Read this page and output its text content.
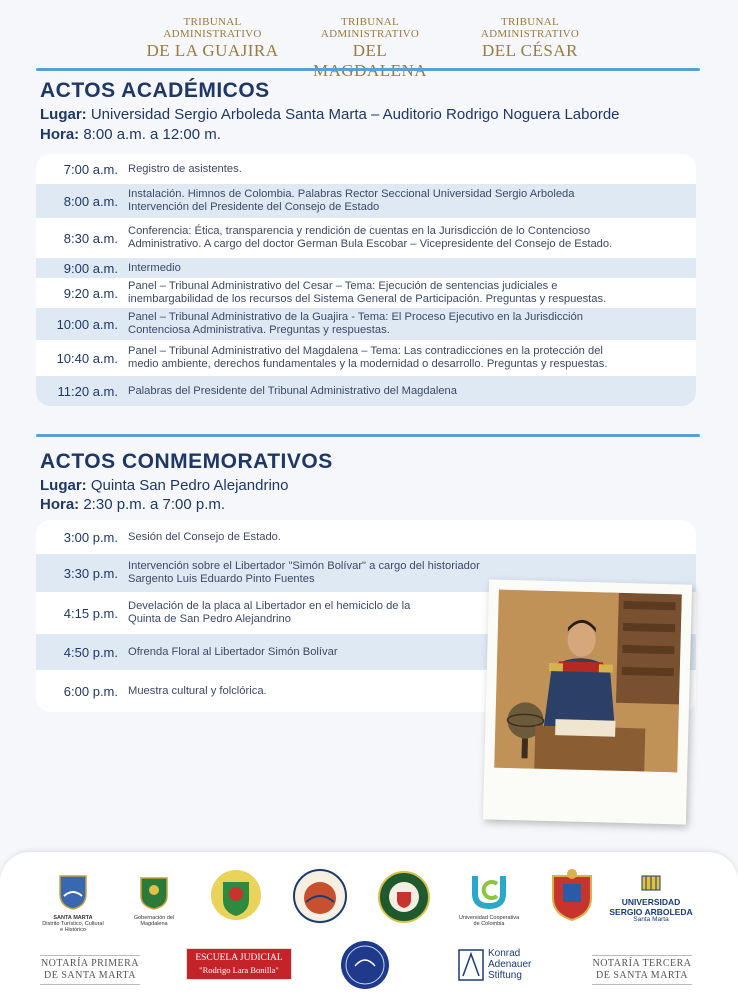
TRIBUNAL ADMINISTRATIVO
DE LA GUAJIRA
TRIBUNAL ADMINISTRATIVO
DEL
TRIBUNAL ADMINISTRATIVO
DEL CÉSAR
ACTOS ACADÉMICOS
Lugar: Universidad Sergio Arboleda Santa Marta – Auditorio Rodrigo Noguera Laborde
Hora: 8:00 a.m. a 12:00 m.
7:00 a.m. Registro de asistentes.
8:00 a.m. Instalación. Himnos de Colombia. Palabras Rector Seccional Universidad Sergio Arboleda
Intervención del Presidente del Consejo de Estado
8:30 a.m. Conferencia: Ética, transparencia y rendición de cuentas en la Jurisdicción de lo Contencioso
Administrativo. A cargo del doctor German Bula Escobar – Vicepresidente del Consejo de Estado.
9:00 a.m. Intermedio
9:20 a.m. Panel – Tribunal Administrativo del Cesar – Tema: Ejecución de sentencias judiciales e
inembargabilidad de los recursos del Sistema General de Participación. Preguntas y respuestas.
10:00 a.m. Panel – Tribunal Administrativo de la Guajira - Tema: El Proceso Ejecutivo en la Jurisdicción
Contenciosa Administrativa. Preguntas y respuestas.
10:40 a.m. Panel – Tribunal Administrativo del Magdalena – Tema: Las contradicciones en la protección del
medio ambiente, derechos fundamentales y la modernidad o desarrollo. Preguntas y respuestas.
11:20 a.m. Palabras del Presidente del Tribunal Administrativo del Magdalena
ACTOS CONMEMORATIVOS
Lugar: Quinta San Pedro Alejandrino
Hora: 2:30 p.m. a 7:00 p.m.
3:00 p.m. Sesión del Consejo de Estado.
3:30 p.m. Intervención sobre el Libertador "Simón Bolívar" a cargo del historiador
Sargento Luis Eduardo Pinto Fuentes
4:15 p.m. Develación de la placa al Libertador en el hemiciclo de la
Quinta de San Pedro Alejandrino
4:50 p.m. Ofrenda Floral al Libertador Simón Bolívar
6:00 p.m. Muestra cultural y folclórica.
SANTA MARTA
Distrito Turístico, Cultural e Histórico
Gobernación del Magdalena
Universidad Cooperativa de Colombia
UNIVERSIDAD
SERGIO ARBOLEDA
Santa Marta
NOTARÍA PRIMERA
DE SANTA MARTA
ESCUELA JUDICIAL
"Rodrigo Lara Bonilla"
Konrad
Adenauer
Stiftung
NOTARÍA TERCERA
DE SANTA MARTA
